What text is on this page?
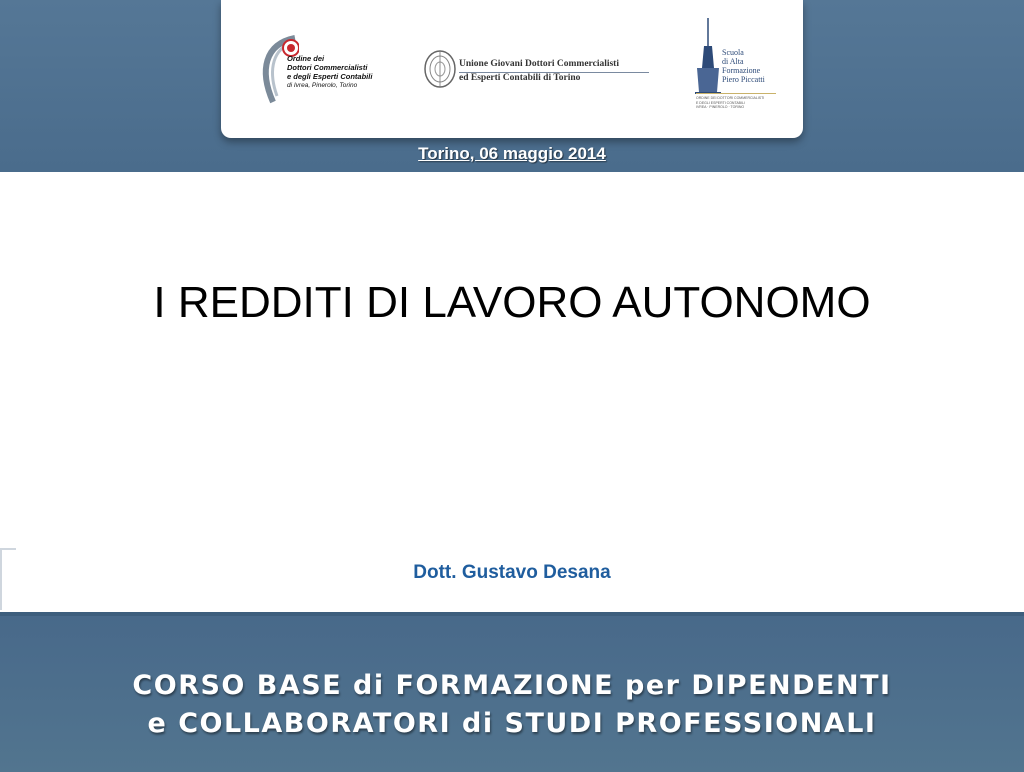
Ordine dei
Dottori Commercialisti
e degli Esperti Contabili
di Ivrea, Pinerolo, Torino
Unione Giovani Dottori Commercialisti
ed Esperti Contabili di Torino
Scuola
di Alta
Formazione
Piero Piccatti
ORDINE DEI DOTTORI COMMERCIALISTI
E DEGLI ESPERTI CONTABILI
IVREA · PINEROLO · TORINO
Torino, 06 maggio 2014
I REDDITI DI LAVORO AUTONOMO
Dott. Gustavo Desana
CORSO BASE di FORMAZIONE per DIPENDENTI
e COLLABORATORI di STUDI PROFESSIONALI
